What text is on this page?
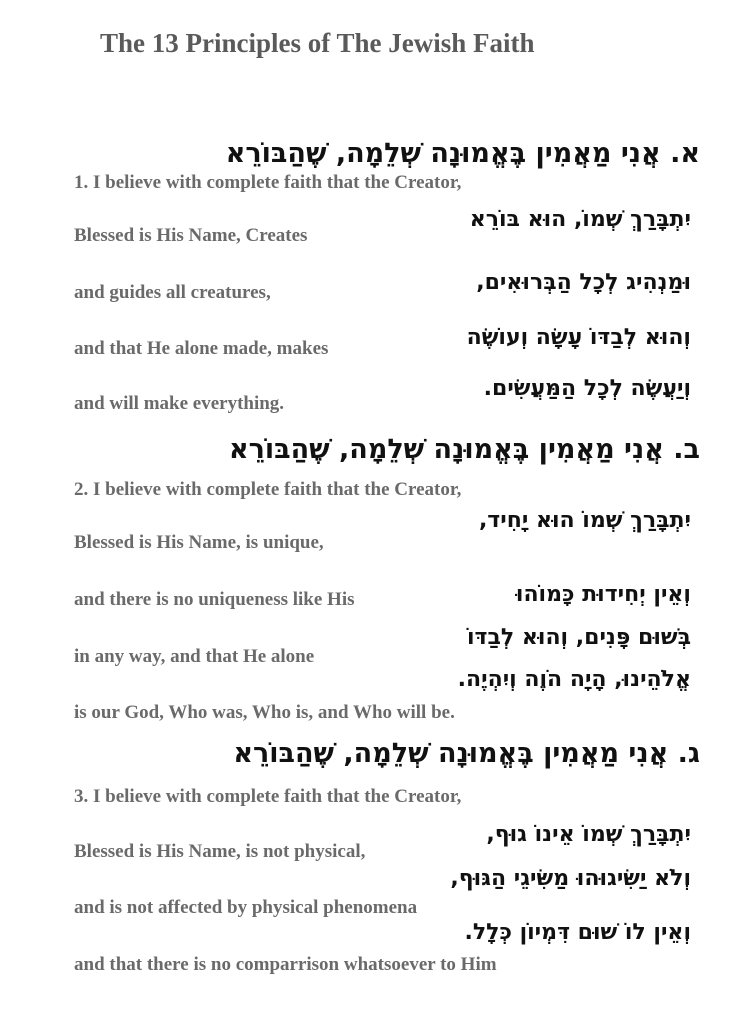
The 13 Principles of The Jewish Faith
א. אֲנִי מַאֲמִין בֶּאֱמוּנָה שְׁלֵמָה, שֶׁהַבּוֹרֵא
1. I believe with complete faith that the Creator,
יִתְבָּרַךְ שְׁמוֹ, הוּא בּוֹרֵא
Blessed is His Name, Creates
וּמַנְהִיג לְכָל הַבְּרוּאִים,
and guides all creatures,
וְהוּא לְבַדּוֹ עָשָׂה וְעוֹשֶׂה
and that He alone made, makes
וְיַעֲשֶׂה לְכָל הַמַּעֲשִׂים.
and will make everything.
ב. אֲנִי מַאֲמִין בֶּאֱמוּנָה שְׁלֵמָה, שֶׁהַבּוֹרֵא
2. I believe with complete faith that the Creator,
יִתְבָּרַךְ שְׁמוֹ הוּא יָחִיד,
Blessed is His Name, is unique,
וְאֵין יְחִידוּת כָּמוֹהוּ
and there is no uniqueness like His
בְּשׁוּם פָּנִים, וְהוּא לְבַדּוֹ
in any way, and that He alone
אֱלֹהֵינוּ, הָיָה הֹוֶה וְיִהְיֶה.
is our God, Who was, Who is, and Who will be.
ג. אֲנִי מַאֲמִין בֶּאֱמוּנָה שְׁלֵמָה, שֶׁהַבּוֹרֵא
3. I believe with complete faith that the Creator,
יִתְבָּרַךְ שְׁמוֹ אֵינוֹ גוּף,
Blessed is His Name, is not physical,
וְלֹא יַשִּׂיגוּהוּ מַשִּׂיגֵי הַגּוּף,
and is not affected by physical phenomena
וְאֵין לוֹ שׁוּם דִּמְיוֹן כְּלָל.
and that there is no comparrison whatsoever to Him
